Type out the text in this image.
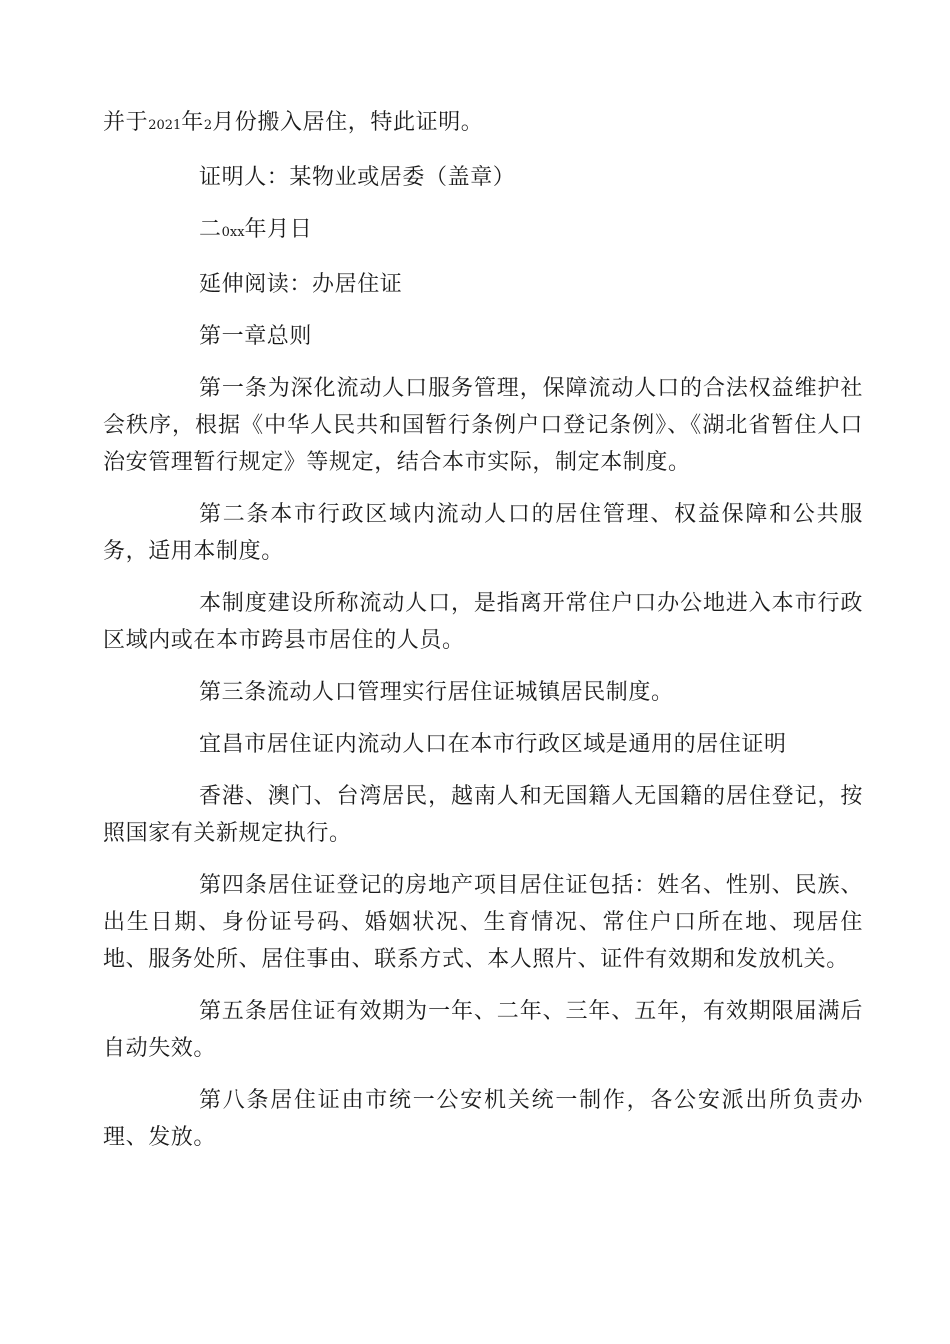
并于2021年2月份搬入居住，特此证明。

证明人：某物业或居委（盖章）

二0xx年月日

延伸阅读：办居住证

第一章总则

第一条为深化流动人口服务管理，保障流动人口的合法权益维护社会秩序，根据《中华人民共和国暂行条例户口登记条例》、《湖北省暂住人口治安管理暂行规定》等规定，结合本市实际，制定本制度。

第二条本市行政区域内流动人口的居住管理、权益保障和公共服务，适用本制度。

本制度建设所称流动人口，是指离开常住户口办公地进入本市行政区域内或在本市跨县市居住的人员。

第三条流动人口管理实行居住证城镇居民制度。

宜昌市居住证内流动人口在本市行政区域是通用的居住证明

香港、澳门、台湾居民，越南人和无国籍人无国籍的居住登记，按照国家有关新规定执行。

第四条居住证登记的房地产项目居住证包括：姓名、性别、民族、出生日期、身份证号码、婚姻状况、生育情况、常住户口所在地、现居住地、服务处所、居住事由、联系方式、本人照片、证件有效期和发放机关。

第五条居住证有效期为一年、二年、三年、五年，有效期限届满后自动失效。

第八条居住证由市统一公安机关统一制作，各公安派出所负责办理、发放。
